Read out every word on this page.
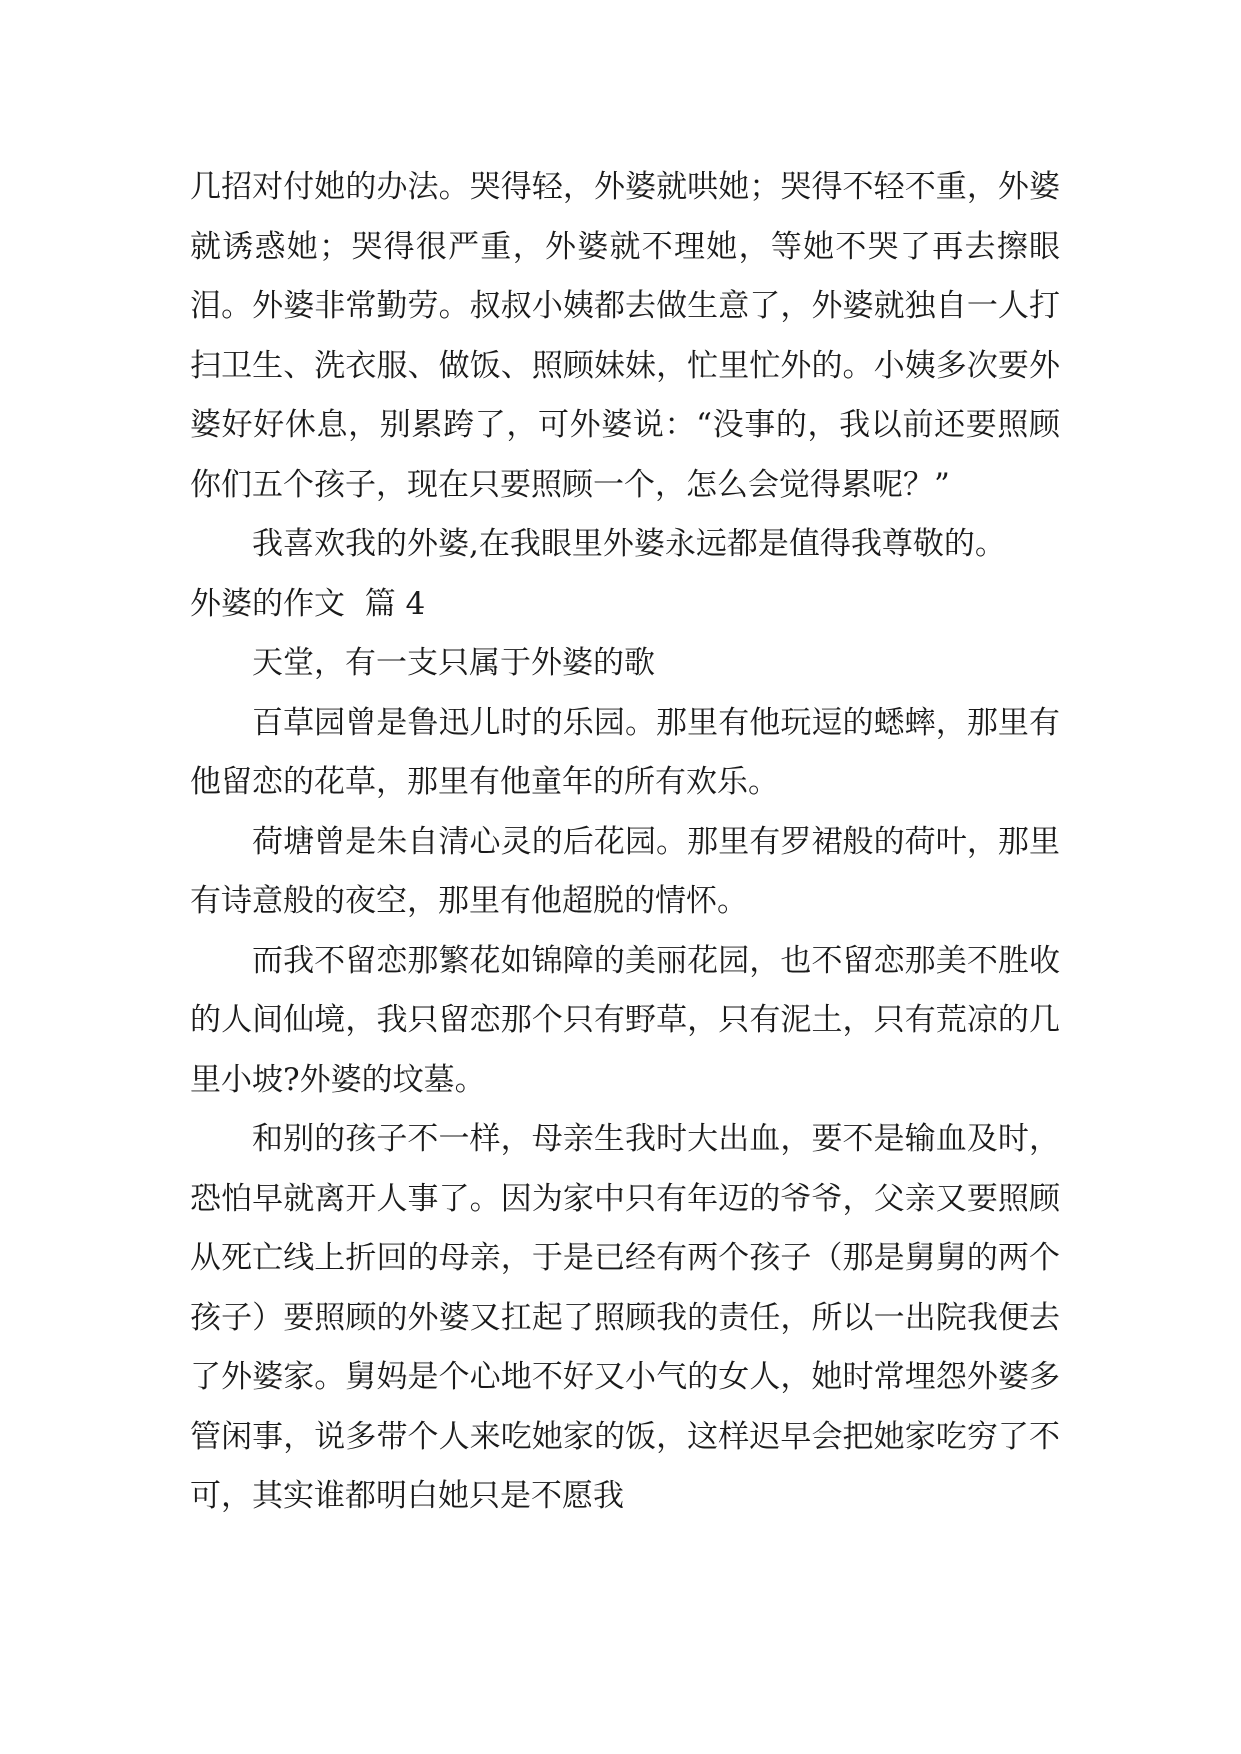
几招对付她的办法。哭得轻，外婆就哄她；哭得不轻不重，外婆就诱惑她；哭得很严重，外婆就不理她，等她不哭了再去擦眼泪。外婆非常勤劳。叔叔小姨都去做生意了，外婆就独自一人打扫卫生、洗衣服、做饭、照顾妹妹，忙里忙外的。小姨多次要外婆好好休息，别累跨了，可外婆说：“没事的，我以前还要照顾你们五个孩子，现在只要照顾一个，怎么会觉得累呢？”

我喜欢我的外婆,在我眼里外婆永远都是值得我尊敬的。

外婆的作文  篇 4

天堂，有一支只属于外婆的歌

百草园曾是鲁迅儿时的乐园。那里有他玩逗的蟋蟀，那里有他留恋的花草，那里有他童年的所有欢乐。

荷塘曾是朱自清心灵的后花园。那里有罗裙般的荷叶，那里有诗意般的夜空，那里有他超脱的情怀。

而我不留恋那繁花如锦障的美丽花园，也不留恋那美不胜收的人间仙境，我只留恋那个只有野草，只有泥土，只有荒凉的几里小坡?外婆的坟墓。

和别的孩子不一样，母亲生我时大出血，要不是输血及时，恐怕早就离开人事了。因为家中只有年迈的爷爷，父亲又要照顾从死亡线上折回的母亲，于是已经有两个孩子（那是舅舅的两个孩子）要照顾的外婆又扛起了照顾我的责任，所以一出院我便去了外婆家。舅妈是个心地不好又小气的女人，她时常埋怨外婆多管闲事，说多带个人来吃她家的饭，这样迟早会把她家吃穷了不可，其实谁都明白她只是不愿我
